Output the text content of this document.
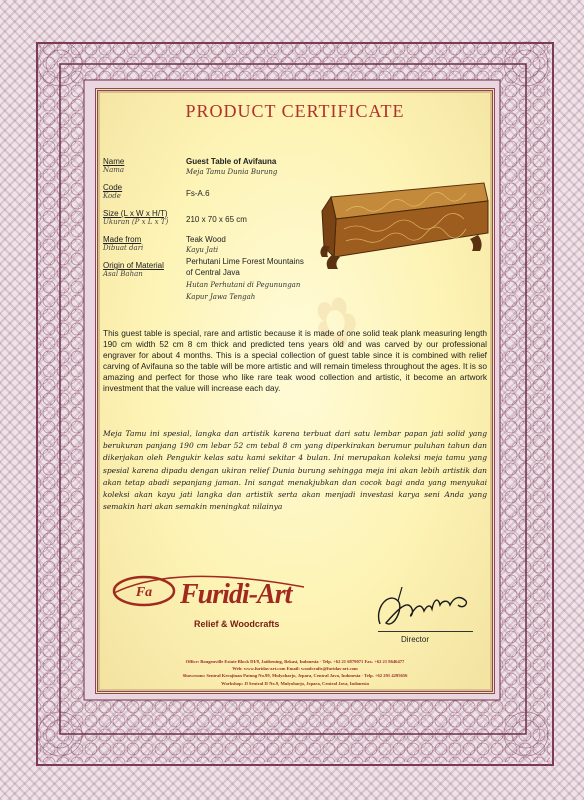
✿
PRODUCT CERTIFICATE
Name
Nama
Guest Table of Avifauna
Meja Tamu Dunia Burung
Code
Kode	Fs-A.6
Size (L x W x H/T)
Ukuran (P x L x T) 210 x 70 x 65 cm
Made from
Dibuat dari
Teak Wood
Kayu Jati
Origin of Material
Asal Bahan
Perhutani Lime Forest Mountains
of Central Java
Hutan Perhutani di Pegunungan
Kapur Jawa Tengah
This guest table is special, rare and artistic because it is made of one solid teak plank measuring length 190 cm width 52 cm 8 cm thick and predicted tens years old and was carved by our professional engraver for about 4 months. This is a special collection of guest table since it is combined with relief carving of Avifauna so the table will be more artistic and will remain timeless throughout the ages. It is so amazing and perfect for those who like rare teak wood collection and artistic, it become an artwork investment that the value will increase each day.
Meja Tamu ini spesial, langka dan artistik karena terbuat dari satu lembar papan jati solid yang berukuran panjang 190 cm lebar 52 cm tebal 8 cm yang diperkirakan berumur puluhan tahun dan dikerjakan oleh Pengukir kelas satu kami sekitar 4 bulan. Ini merupakan koleksi meja tamu yang spesial karena dipadu dengan ukiran relief Dunia burung sehingga meja ini akan lebih artistik dan akan tetap abadi sepanjang jaman. Ini sangat menakjubkan dan cocok bagi anda yang menyukai koleksi akan kayu jati langka dan artistik serta akan menjadi investasi karya seni Anda yang semakin hari akan semakin meningkat nilainya
Fa Furidi-Art
Relief & Woodcrafts
Director
Office: Bougenville Estate Block DI/8, Jatibening, Bekasi, Indonesia - Telp. +62 21 6879071 Fax. +62 21 8646477
Web: www.furidas-art.com Email: woodcrafts@furidas-art.com
Showroom: Sentral Kerajinan Patung No.99, Mulyoharjo, Jepara, Central Java, Indonesia - Telp. +62 291 4295656
Workshop: Jl Sentral II No.9, Mulyoharjo, Jepara, Central Java, Indonesia
